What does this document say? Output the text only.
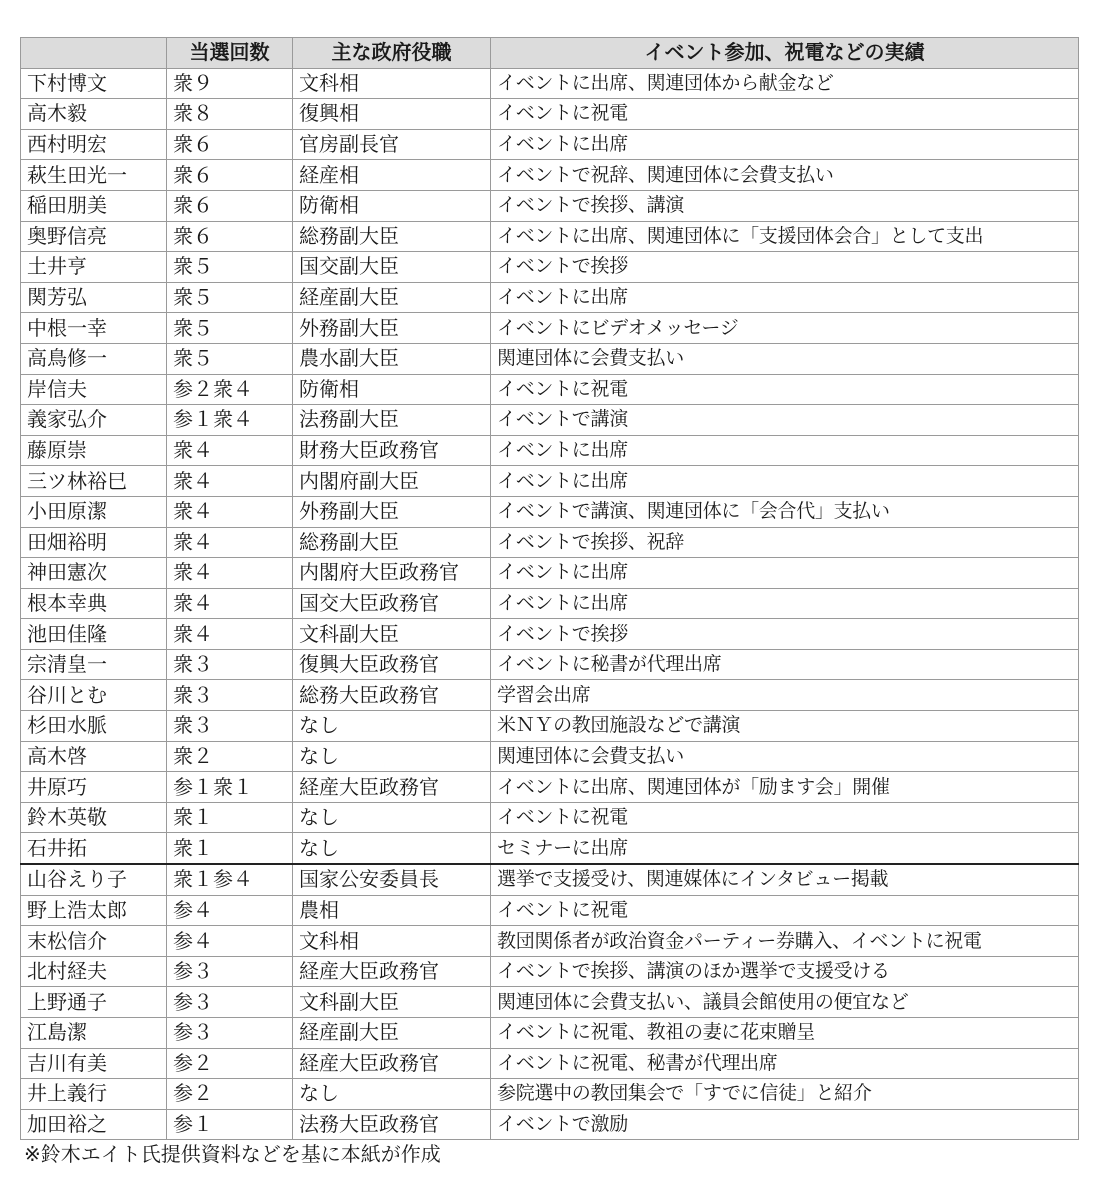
	当選回数	主な政府役職	イベント参加、祝電などの実績
下村博文	衆９	文科相	イベントに出席、関連団体から献金など
高木毅	衆８	復興相	イベントに祝電
西村明宏	衆６	官房副長官	イベントに出席
萩生田光一	衆６	経産相	イベントで祝辞、関連団体に会費支払い
稲田朋美	衆６	防衛相	イベントで挨拶、講演
奥野信亮	衆６	総務副大臣	イベントに出席、関連団体に「支援団体会合」として支出
土井亨	衆５	国交副大臣	イベントで挨拶
関芳弘	衆５	経産副大臣	イベントに出席
中根一幸	衆５	外務副大臣	イベントにビデオメッセージ
高鳥修一	衆５	農水副大臣	関連団体に会費支払い
岸信夫	参２衆４	防衛相	イベントに祝電
義家弘介	参１衆４	法務副大臣	イベントで講演
藤原崇	衆４	財務大臣政務官	イベントに出席
三ツ林裕巳	衆４	内閣府副大臣	イベントに出席
小田原潔	衆４	外務副大臣	イベントで講演、関連団体に「会合代」支払い
田畑裕明	衆４	総務副大臣	イベントで挨拶、祝辞
神田憲次	衆４	内閣府大臣政務官	イベントに出席
根本幸典	衆４	国交大臣政務官	イベントに出席
池田佳隆	衆４	文科副大臣	イベントで挨拶
宗清皇一	衆３	復興大臣政務官	イベントに秘書が代理出席
谷川とむ	衆３	総務大臣政務官	学習会出席
杉田水脈	衆３	なし	米ＮＹの教団施設などで講演
高木啓	衆２	なし	関連団体に会費支払い
井原巧	参１衆１	経産大臣政務官	イベントに出席、関連団体が「励ます会」開催
鈴木英敬	衆１	なし	イベントに祝電
石井拓	衆１	なし	セミナーに出席
山谷えり子	衆１参４	国家公安委員長	選挙で支援受け、関連媒体にインタビュー掲載
野上浩太郎	参４	農相	イベントに祝電
末松信介	参４	文科相	教団関係者が政治資金パーティー券購入、イベントに祝電
北村経夫	参３	経産大臣政務官	イベントで挨拶、講演のほか選挙で支援受ける
上野通子	参３	文科副大臣	関連団体に会費支払い、議員会館使用の便宜など
江島潔	参３	経産副大臣	イベントに祝電、教祖の妻に花束贈呈
吉川有美	参２	経産大臣政務官	イベントに祝電、秘書が代理出席
井上義行	参２	なし	参院選中の教団集会で「すでに信徒」と紹介
加田裕之	参１	法務大臣政務官	イベントで激励
※鈴木エイト氏提供資料などを基に本紙が作成
